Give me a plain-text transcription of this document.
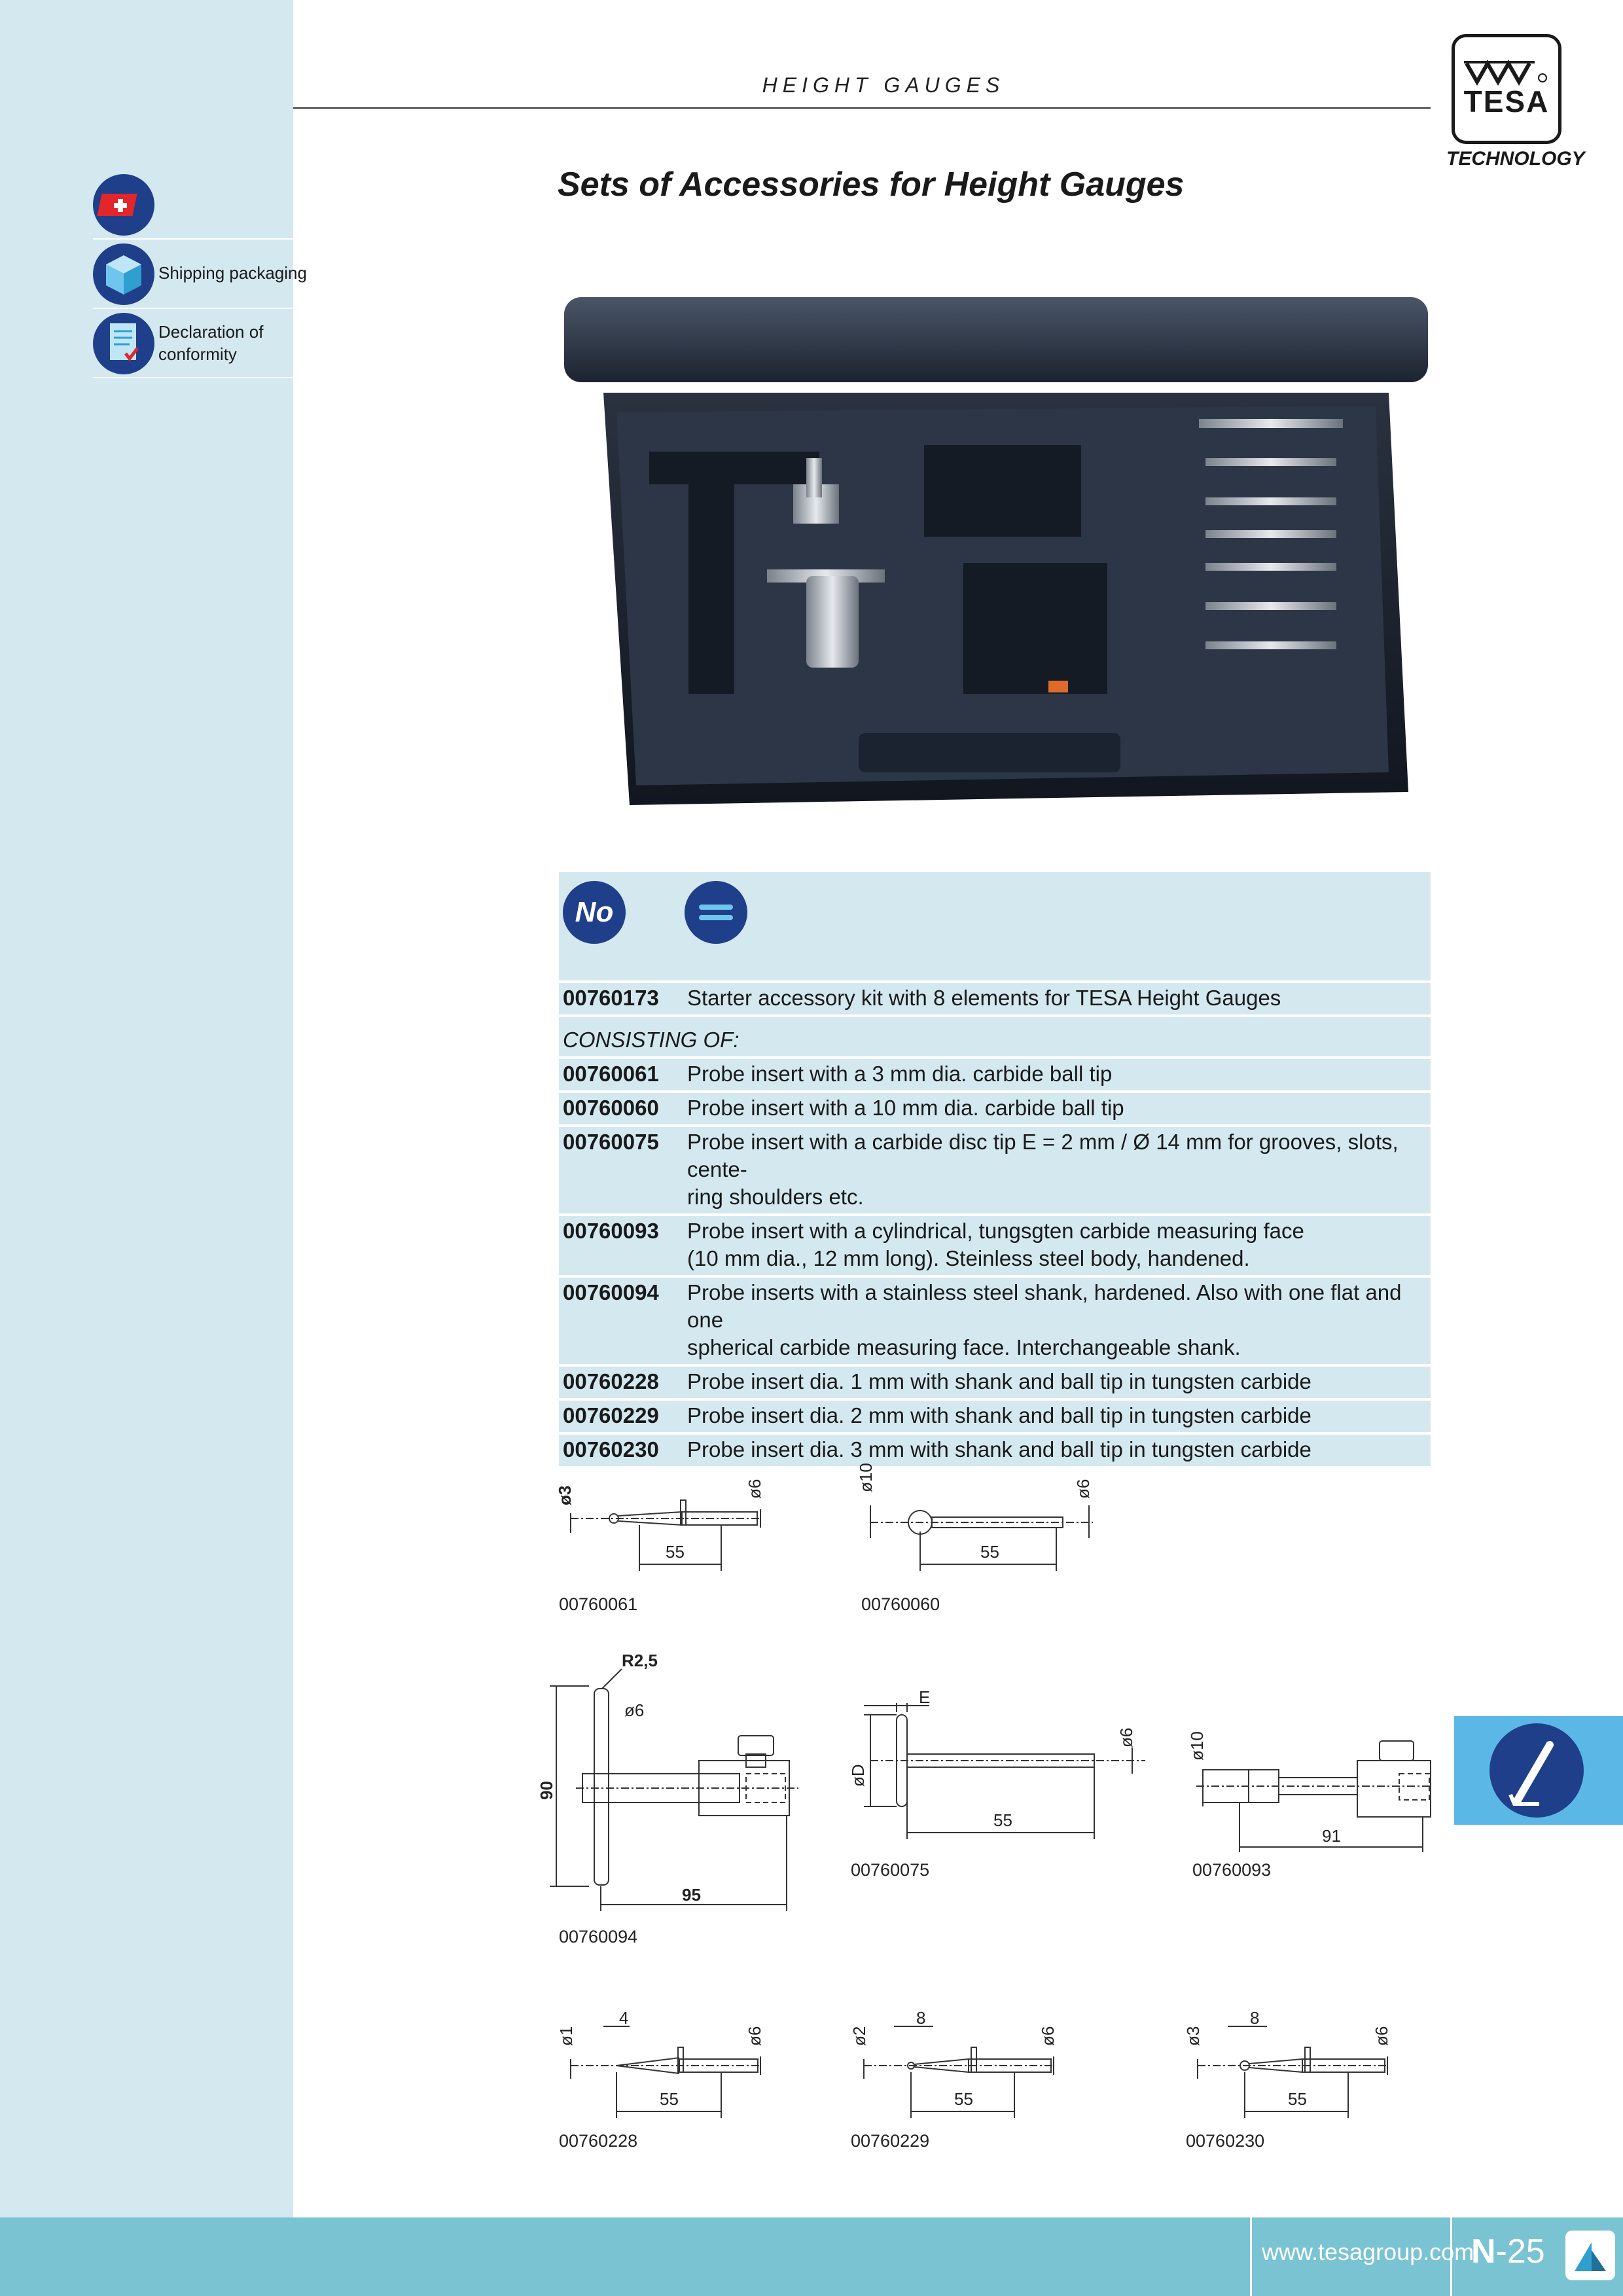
www.tesagroup.com
N-25
HEIGHT GAUGES	TESA
TECHNOLOGY
Shipping packaging
Declaration of
conformity
Sets of Accessories for Height Gauges
No
00760173	Starter accessory kit with 8 elements for TESA Height Gauges
CONSISTING OF:
00760061	Probe insert with a 3 mm dia. carbide ball tip
00760060	Probe insert with a 10 mm dia. carbide ball tip
00760075	Probe insert with a carbide disc tip E = 2 mm / Ø 14 mm for grooves, slots, cente-
ring shoulders etc.
00760093	Probe insert with a cylindrical, tungsgten carbide measuring face
(10 mm dia., 12 mm long). Steinless steel body, handened.
00760094	Probe inserts with a stainless steel shank, hardened. Also with one flat and one
spherical carbide measuring face. Interchangeable shank.
00760228	Probe insert dia. 1 mm with shank and ball tip in tungsten carbide
00760229	Probe insert dia. 2 mm with shank and ball tip in tungsten carbide
00760230	Probe insert dia. 3 mm with shank and ball tip in tungsten carbide
ø3	ø6
55
00760061
ø10	ø6
55
00760060
R2,5
ø6
90
95
00760094
E
øD
ø6
55
00760075
ø10
91
00760093
ø1
4
ø6
55
00760228
ø2
8
ø6
55
00760229
ø3
8
ø6
55
00760230
